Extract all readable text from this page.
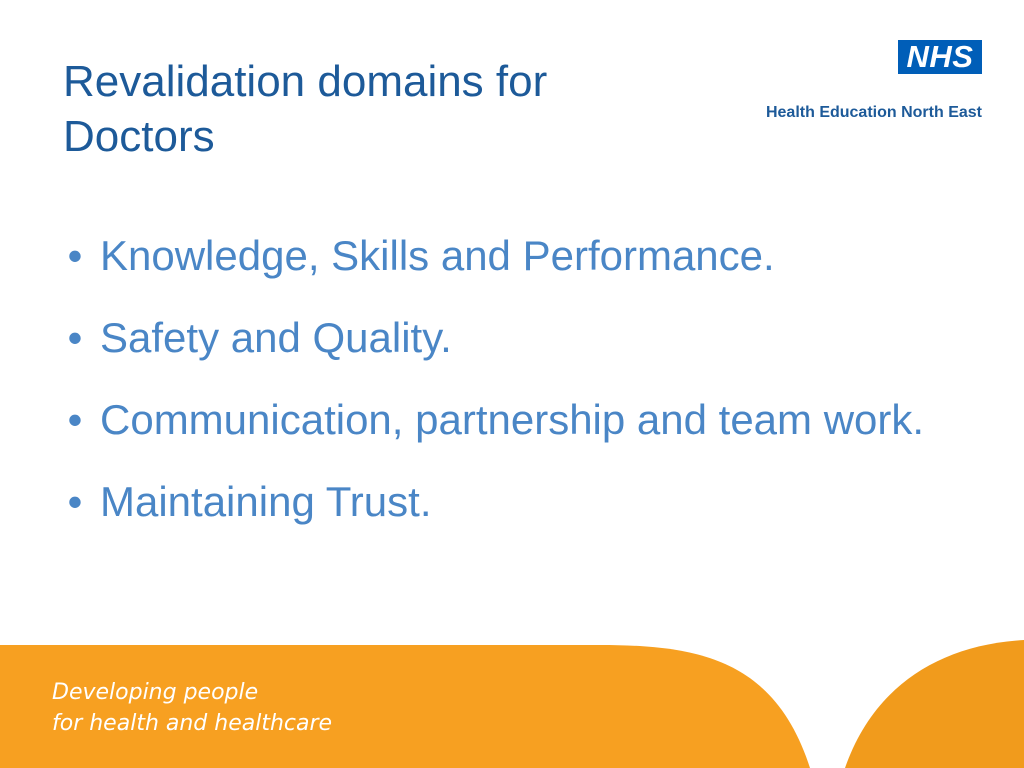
Revalidation domains for Doctors
NHS
Health Education North East
• Knowledge, Skills and Performance.
• Safety and Quality.
• Communication, partnership and team work.
• Maintaining Trust.

Developing people
for health and healthcare
